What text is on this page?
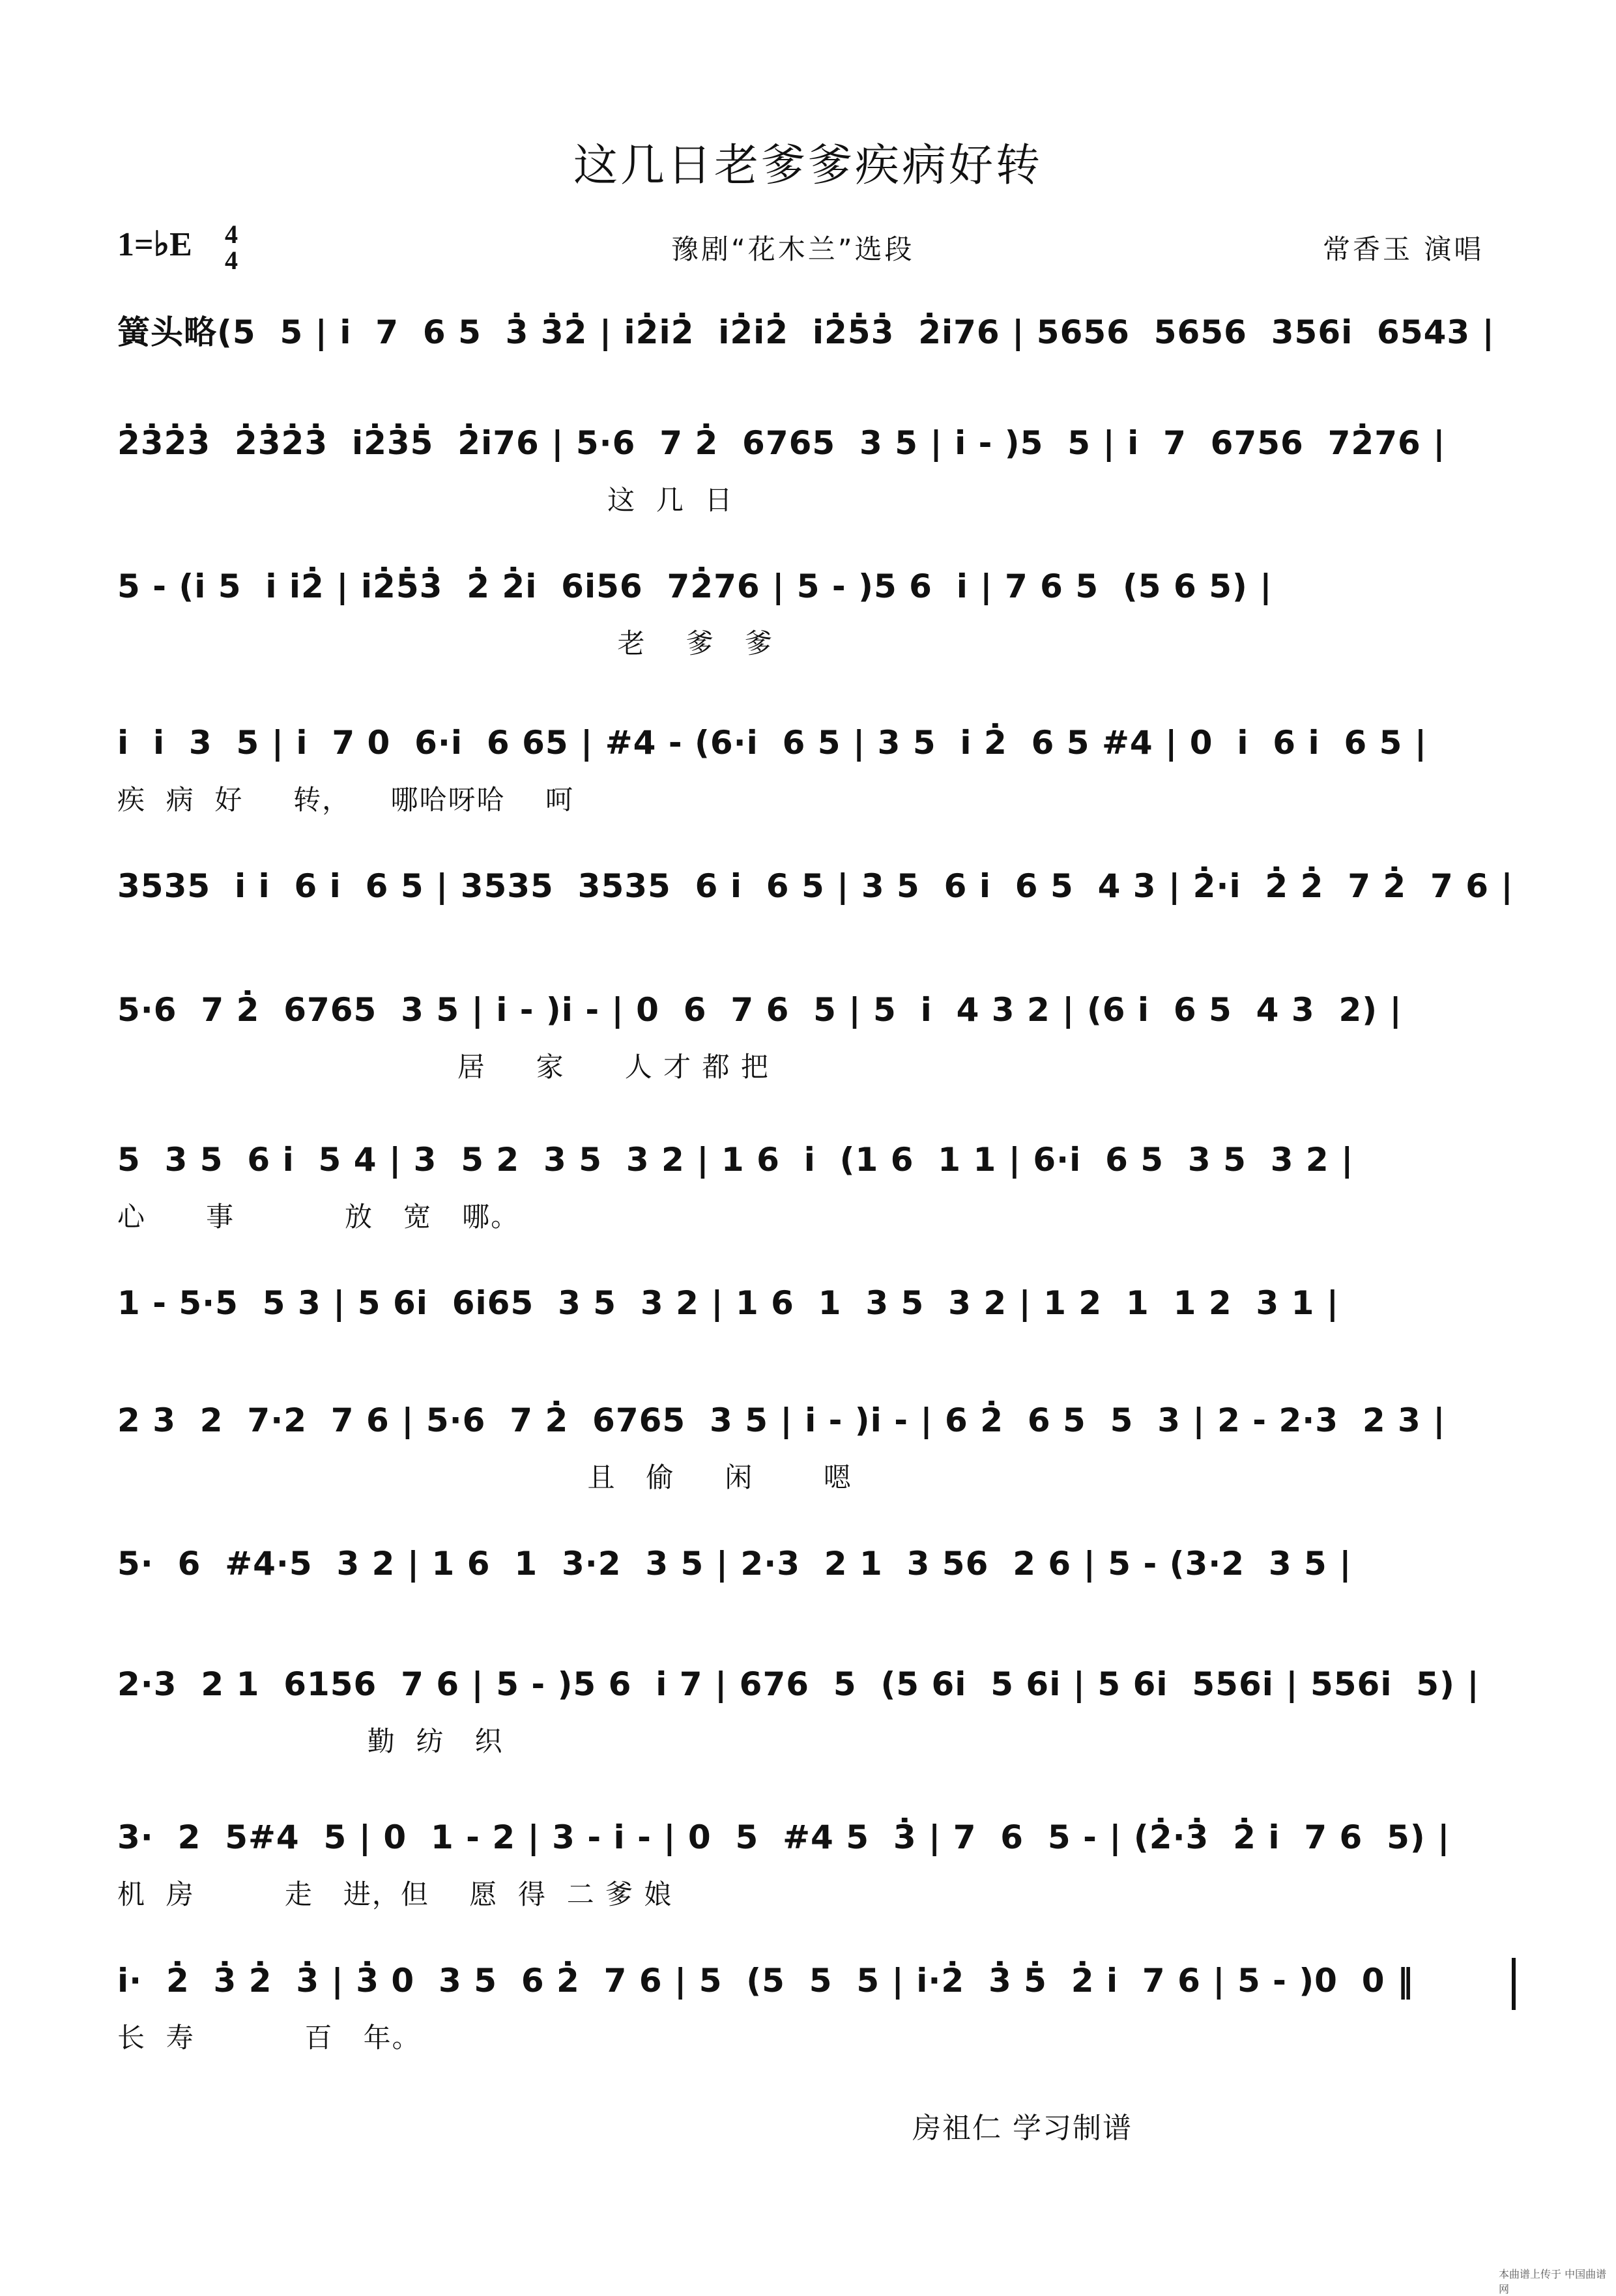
这几日老爹爹疾病好转
1=♭E 4
4	豫剧“花木兰”选段	常香玉 演唱
簧头略(5  5 | i  7  6 5  3̇ 3̇2̇ | i̇2̇i̇2̇  i̇2̇i̇2̇  i̇2̇5̇3̇  2̇i̇76 | 5656  5656  356i̇  6543 |
2̇3̇2̇3̇  2̇3̇2̇3̇  i̇2̇3̇5̇  2̇i̇76 | 5·6  7 2̇  6765  3 5 | i̇ - )5  5 | i̇  7  6756  72̇76 |
这  几  日
5 - (i̇ 5  i̇ i̇2̇ | i̇2̇5̇3̇  2̇ 2̇i̇  6i̇56  72̇76 | 5 - )5 6  i̇ | 7 6 5  (5 6 5) |
老    爹   爹
i̇  i̇  3  5 | i̇  7 0  6·i̇  6 65 | #4 - (6·i̇  6 5 | 3 5  i̇ 2̇  6 5 #4 | 0  i̇  6 i̇  6 5 |
疾  病  好     转，    哪哈呀哈    呵
3535  i̇ i̇  6 i̇  6 5 | 3535  3535  6 i̇  6 5 | 3 5  6 i̇  6 5  4 3 | 2̇·i̇  2̇ 2̇  7 2̇  7 6 |
5·6  7 2̇  6765  3 5 | i̇ - )i̇ - | 0  6  7 6  5 | 5  i̇  4 3 2 | (6 i̇  6 5  4 3  2) |
居     家      人 才 都 把
5  3 5  6 i̇  5 4 | 3  5 2  3 5  3 2 | 1 6  i̇  (1 6  1 1 | 6·i̇  6 5  3 5  3 2 |
心      事           放   宽   哪。
1 - 5·5  5 3 | 5 6i̇  6i̇65  3 5  3 2 | 1 6  1  3 5  3 2 | 1 2  1  1 2  3 1 |
2 3  2  7·2  7 6 | 5·6  7 2̇  6765  3 5 | i̇ - )i̇ - | 6 2̇  6 5  5  3 | 2 - 2·3  2 3 |
且   偷     闲       嗯
5·  6  #4·5  3 2 | 1 6  1  3·2  3 5 | 2·3  2 1  3 56  2 6 | 5 - (3·2  3 5 |
2·3  2 1  6156  7 6 | 5 - )5 6  i̇ 7 | 676  5  (5 6i̇  5 6i̇ | 5 6i̇  556i̇ | 556i̇  5) |
勤  纺   织
3·  2  5#4  5 | 0  1 - 2 | 3 - i̇ - | 0  5  #4 5  3̇ | 7  6  5 - | (2̇·3̇  2̇ i̇  7 6  5) |
机  房         走   进，但    愿  得  二 爹 娘
i̇·  2̇  3̇ 2̇  3̇ | 3̇ 0  3 5  6 2̇  7 6 | 5  (5  5  5 | i̇·2̇  3̇ 5̇  2̇ i̇  7 6 | 5 - )0  0 ‖
长  寿           百   年。
房祖仁 学习制谱
本曲谱上传于 中国曲谱网
